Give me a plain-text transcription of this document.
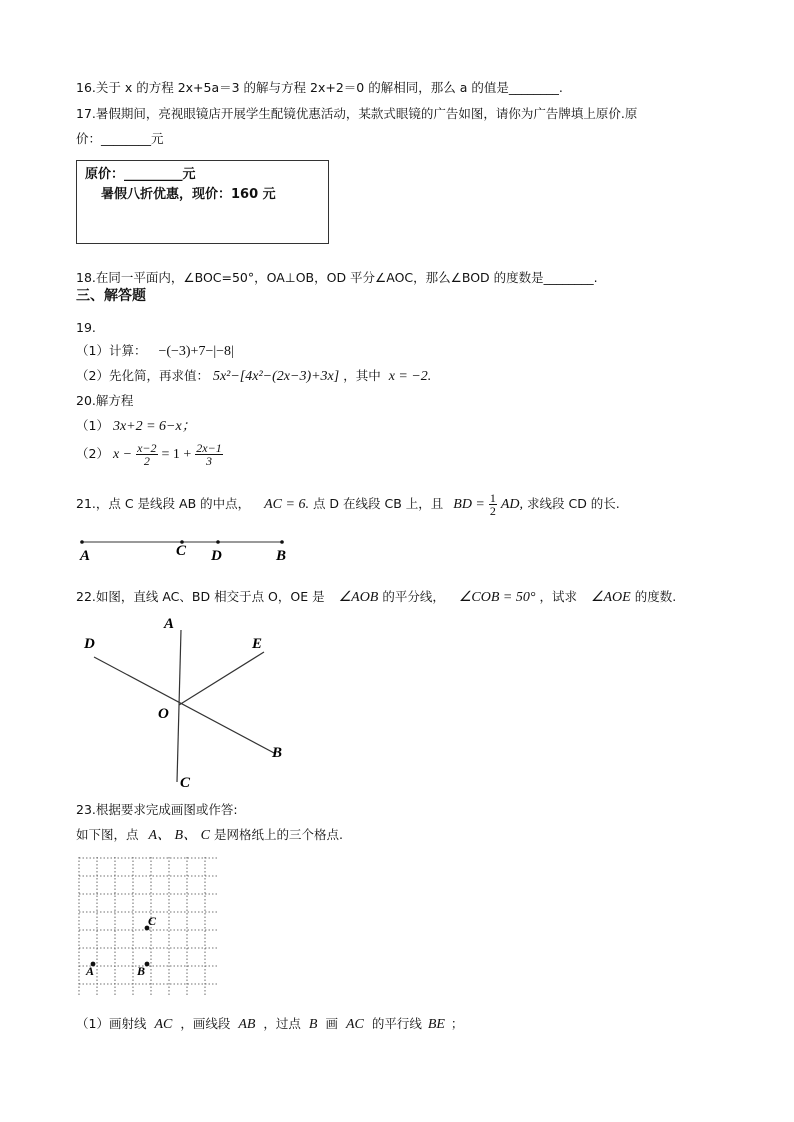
16.关于 x 的方程 2x+5a＝3 的解与方程 2x+2＝0 的解相同，那么 a 的值是________.
17.暑假期间，亮视眼镜店开展学生配镜优惠活动，某款式眼镜的广告如图，请你为广告牌填上原价.原
价：________元
原价：_________元
暑假八折优惠，现价：160 元
18.在同一平面内，∠BOC=50°，OA⊥OB，OD 平分∠AOC，那么∠BOD 的度数是________.
三、解答题
19.
（1）计算： −(−3)+7−|−8|
（2）先化简，再求值： 5x²−[4x²−(2x−3)+3x] ，其中 x = −2.
20.解方程
（1） 3x+2 = 6−x；
（2） $x - \frac{x-2}{2} = 1 + \frac{2x-1}{3}$
21.，点 C 是线段 AB 的中点， AC = 6. 点 D 在线段 CB 上，且 BD = $\frac{1}{2}$ AD, 求线段 CD 的长.
A	C D	B
22.如图，直线 AC、BD 相交于点 O，OE 是 ∠AOB 的平分线， ∠COB = 50° ，试求 ∠AOE 的度数.
A
D	E
O
B
C
23.根据要求完成画图或作答:
如下图，点 A、 B、 C 是网格纸上的三个格点.
A	B
C
（1）画射线 AC ，画线段 AB ，过点 B 画 AC 的平行线 BE ；
